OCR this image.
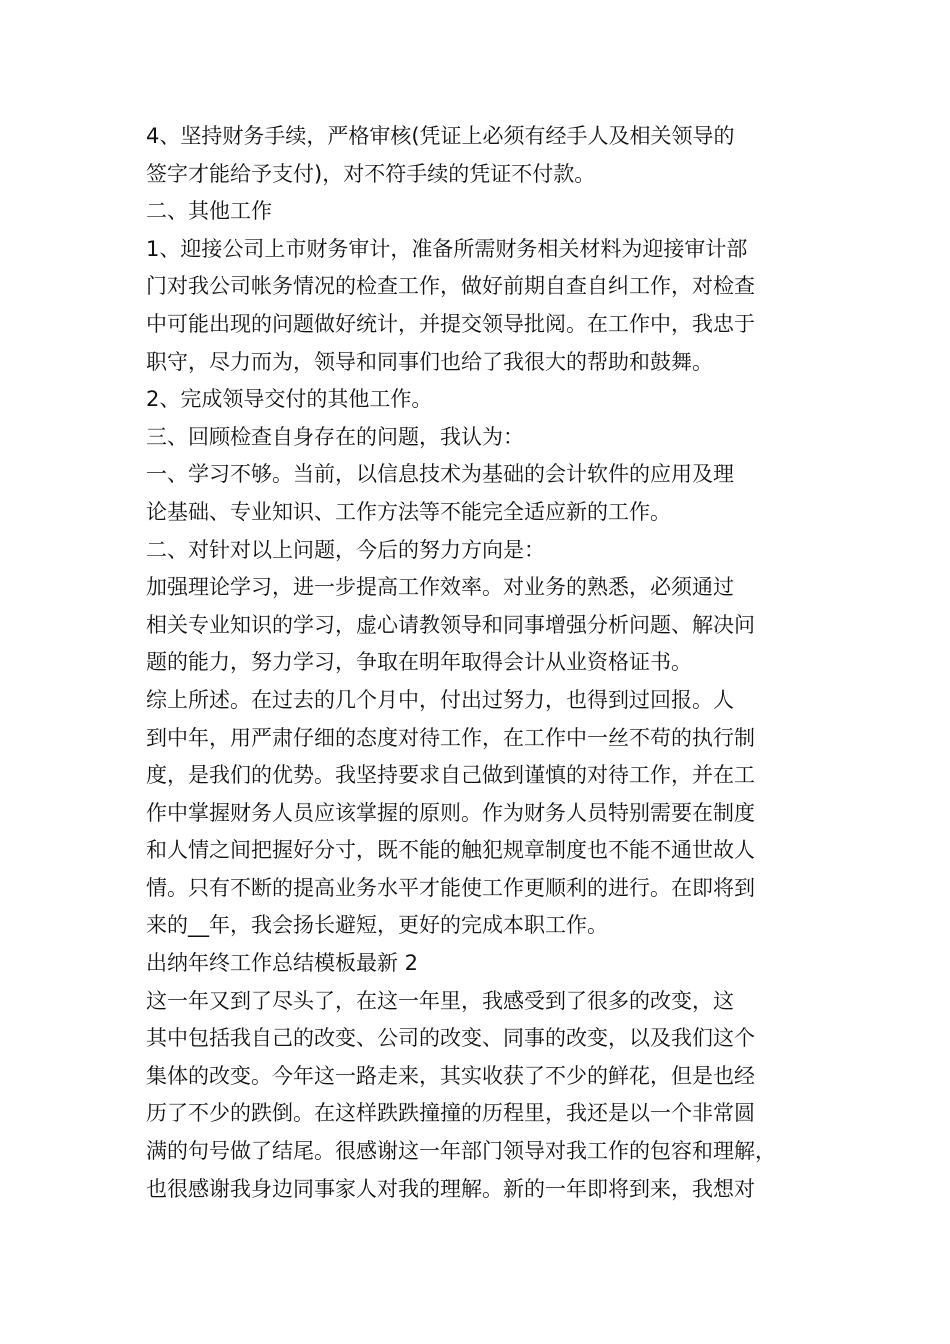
4、坚持财务手续，严格审核(凭证上必须有经手人及相关领导的

签字才能给予支付)，对不符手续的凭证不付款。

二、其他工作

1、迎接公司上市财务审计，准备所需财务相关材料为迎接审计部

门对我公司帐务情况的检查工作，做好前期自查自纠工作，对检查

中可能出现的问题做好统计，并提交领导批阅。在工作中，我忠于

职守，尽力而为，领导和同事们也给了我很大的帮助和鼓舞。

2、完成领导交付的其他工作。

三、回顾检查自身存在的问题，我认为：

一、学习不够。当前，以信息技术为基础的会计软件的应用及理

论基础、专业知识、工作方法等不能完全适应新的工作。

二、对针对以上问题，今后的努力方向是：

加强理论学习，进一步提高工作效率。对业务的熟悉，必须通过

相关专业知识的学习，虚心请教领导和同事增强分析问题、解决问

题的能力，努力学习，争取在明年取得会计从业资格证书。

综上所述。在过去的几个月中，付出过努力，也得到过回报。人

到中年，用严肃仔细的态度对待工作，在工作中一丝不苟的执行制

度，是我们的优势。我坚持要求自己做到谨慎的对待工作，并在工

作中掌握财务人员应该掌握的原则。作为财务人员特别需要在制度

和人情之间把握好分寸，既不能的触犯规章制度也不能不通世故人

情。只有不断的提高业务水平才能使工作更顺利的进行。在即将到

来的__年，我会扬长避短，更好的完成本职工作。

出纳年终工作总结模板最新 2

这一年又到了尽头了，在这一年里，我感受到了很多的改变，这

其中包括我自己的改变、公司的改变、同事的改变，以及我们这个

集体的改变。今年这一路走来，其实收获了不少的鲜花，但是也经

历了不少的跌倒。在这样跌跌撞撞的历程里，我还是以一个非常圆

满的句号做了结尾。很感谢这一年部门领导对我工作的包容和理解，

也很感谢我身边同事家人对我的理解。新的一年即将到来，我想对
